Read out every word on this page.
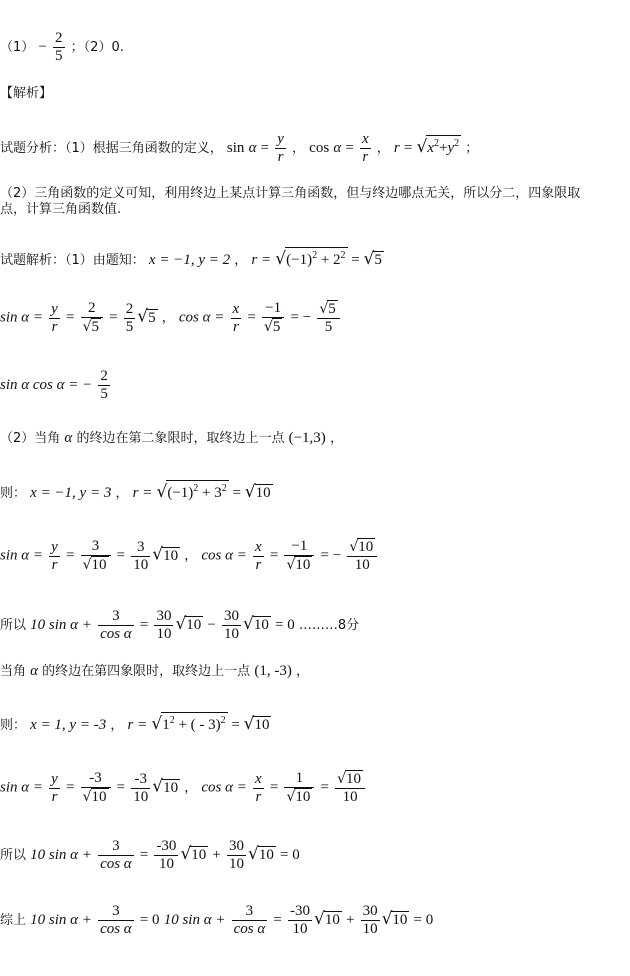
$(1) - \frac{2}{5}$ ；（2）0.
【解析】
试题分析：（1）根据三角函数的定义， $\sin \alpha = \frac{y}{r}$ ， $\cos \alpha = \frac{x}{r}$ ， $r = √x^2+y^2$ ；
（2）三角函数的定义可知，利用终边上某点计算三角函数，但与终边哪点无关，所以分二，四象限取
点，计算三角函数值.
试题解析：（1）由题知： x = −1, y = 2 ， $r = √(-1)^2 + 2^2 = √5$
$\sin \alpha = \frac{y}{r} = \frac{2}{√5} = \frac{2}{5} √5$ ， $\cos \alpha = \frac{x}{r} = \frac{-1}{√5}$ = − $\frac{√5}{5}$
sin α cos α = − $\frac{2}{5}$
（2）当角 α 的终边在第二象限时，取终边上一点 (−1,3) ，
则： x = −1, y = 3 ， $r = √(-1)^2 + 3^2 = √10$
$\sin \alpha = \frac{y}{r} = \frac{3}{√10} = \frac{3}{10} √10$ ， $\cos \alpha = \frac{x}{r} = \frac{-1}{√10}$ = − $\frac{√10}{10}$
所以 10 $\sin \alpha + \frac{3}{\text{cos α}} = \frac{30}{10} √10 - \frac{30}{10} √10 = 0$ ………8分
当角 α 的终边在第四象限时，取终边上一点 (1, -3) ，
则： x = 1, y = -3 ， $r = √1^2$ + ( - 3)$^2$ = √10
$\sin \alpha = \frac{y}{r} = \frac{-3}{√10} = \frac{-3}{10} √10$ ， $\cos \alpha = \frac{x}{r} = \frac{1}{√10} = \frac{√10}{10}$
所以 10 $\sin \alpha + \frac{3}{\text{cos α}} = \frac{-30}{10} √10 + \frac{30}{10} √10 = 0$
综上 10 $\sin \alpha + \frac{3}{\text{cos α}} = 0$ 10 $\sin \alpha + \frac{3}{\text{cos α}} = \frac{-30}{10} √10 + \frac{30}{10} √10 = 0$
